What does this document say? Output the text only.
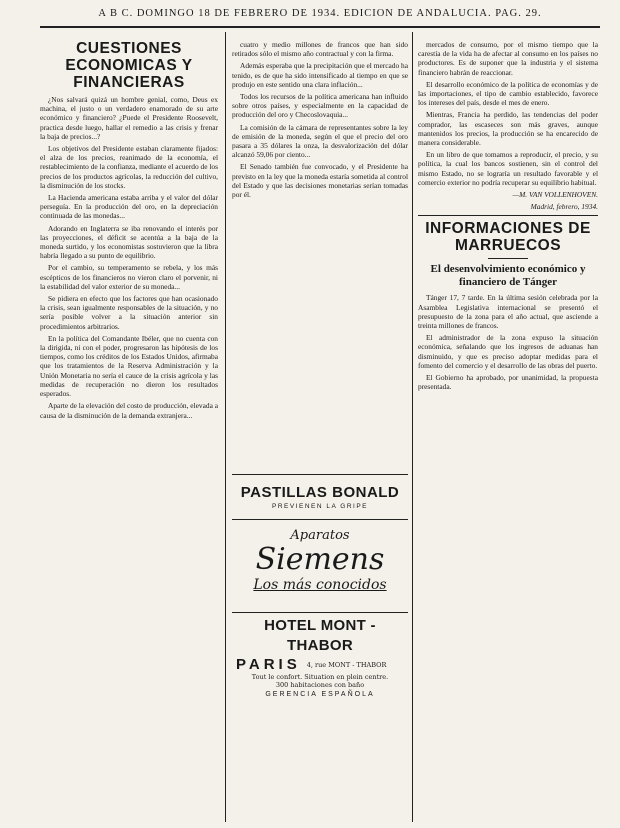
A B C. DOMINGO 18 DE FEBRERO DE 1934. EDICION DE ANDALUCIA. PAG. 29.
CUESTIONES ECONOMICAS Y FINANCIERAS

¿Nos salvará quizá un hombre genial, como, Deus ex machina, el justo o un verdadero enamorado de su arte económico y financiero? ¿Puede el Presidente Roosevelt, practica desde luego, hallar el remedio a las crisis y frenar la baja de precios...?

Los objetivos del Presidente estaban claramente fijados: el alza de los precios, reanimado de la economía, el restablecimiento de la confianza, mediante el acuerdo de los precios de los productos agrícolas, la reducción del cultivo, la disminución de los stocks.

La Hacienda americana estaba arriba y el valor del dólar perseguía. En la producción del oro, en la depreciación continuada de las monedas...

Adorando en Inglaterra se iba renovando el interés por las proyecciones, el déficit se acentúa a la baja de la moneda surtido, y los economistas sostuvieron que la libra habría llegado a su punto de equilibrio.

Por el cambio, su temperamento se rebela, y los más escépticos de los financieros no vieron claro el porvenir, ni la estabilidad del valor exterior de su moneda...

Se pidiera en efecto que los factores que han ocasionado la crisis, sean igualmente responsables de la situación, y no sería posible volver a la situación anterior sin procedimientos arbitrarios.

En la política del Comandante Ibéler, que no cuenta con la dirigida, ni con el poder, progresaron las hipótesis de los tiempos, como los créditos de los Estados Unidos, afirmaba que los tratamientos de la Reserva Administración y la Unión Monetaria no sería el cauce de la crisis agrícola y las medidas de recuperación no dieron los resultados esperados.

Aparte de la elevación del costo de producción, elevada a causa de la disminución de la demanda extranjera...

cuatro y medio millones de francos que han sido retirados sólo el mismo año contractual y con la firma.

Además esperaba que la precipitación que el mercado ha tenido, es de que ha sido intensificado al tiempo en que se produjo en este sentido una clara inflación...

Todos los recursos de la política americana han influido sobre otros países, y especialmente en la capacidad de producción del oro y Checoslovaquia...

La comisión de la cámara de representantes sobre la ley de emisión de la moneda, según el que el precio del oro pasara a 35 dólares la onza, la desvalorización del dólar alcanzó 59,06 por ciento...

El Senado también fue convocado, y el Presidente ha previsto en la ley que la moneda estaría sometida al control del Estado y que las decisiones monetarias serían tomadas por él.

PASTILLAS BONALD
PREVIENEN LA GRIPE
Aparatos
Siemens
Los más conocidos
HOTEL MONT - THABOR
PARIS 4, rue MONT - THABOR
Tout le confort. Situation en plein centre.
300 habitaciones con baño
GERENCIA ESPAÑOLA

mercados de consumo, por el mismo tiempo que la carestía de la vida ha de afectar al consumo en los países no productores. Es de suponer que la industria y el sistema financiero habrán de reaccionar.

El desarrollo económico de la política de economías y de las importaciones, el tipo de cambio establecido, favorece los intereses del país, desde el mes de enero.

Mientras, Francia ha perdido, las tendencias del poder comprador, las escaseces son más graves, aunque mantenidos los precios, la producción se ha encarecido de manera considerable.

En un libro de que tomamos a reproducir, el precio, y su política, la cual los bancos sostienen, sin el control del mismo Estado, no se lograría un resultado favorable y el comercio exterior no podría recuperar su equilibrio habitual.

—M. VAN VOLLENHOVEN.

Madrid, febrero, 1934.

INFORMACIONES DE MARRUECOS
El desenvolvimiento económico y financiero de Tánger

Tánger 17, 7 tarde. En la última sesión celebrada por la Asamblea Legislativa internacional se presentó el presupuesto de la zona para el año actual, que asciende a treinta millones de francos.

El administrador de la zona expuso la situación económica, señalando que los ingresos de aduanas han disminuido, y que es preciso adoptar medidas para el fomento del comercio y el desarrollo de las obras del puerto.

El Gobierno ha aprobado, por unanimidad, la propuesta presentada.
